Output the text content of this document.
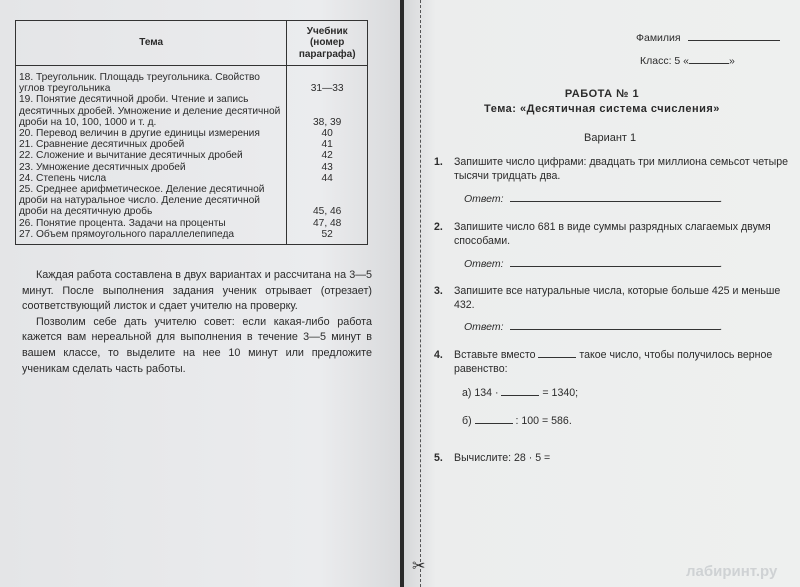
Тема	Учебник (номер параграфа)
18. Треугольник. Площадь треугольника. Свойство углов треугольника	31—33
19. Понятие десятичной дроби. Чтение и запись десятичных дробей. Умножение и деление десятичной дроби на 10, 100, 1000 и т. д.	38, 39
20. Перевод величин в другие единицы измерения	40
21. Сравнение десятичных дробей	41
22. Сложение и вычитание десятичных дробей	42
23. Умножение десятичных дробей	43
24. Степень числа	44
25. Среднее арифметическое. Деление десятичной дроби на натуральное число. Деление десятичной дроби на десятичную дробь	45, 46
26. Понятие процента. Задачи на проценты	47, 48
27. Объем прямоугольного параллелепипеда	52

Каждая работа составлена в двух вариантах и рассчитана на 3—5 минут. После выполнения задания ученик отрывает (отрезает) соответствующий листок и сдает учителю на проверку.

Позволим себе дать учителю совет: если какая-либо работа кажется вам нереальной для выполнения в течение 3—5 минут в вашем классе, то выделите на нее 10 минут или предложите ученикам сделать часть работы.

Фамилия
Класс: 5 «	»
РАБОТА № 1
Тема: «Десятичная система счисления»
Вариант 1
1. Запишите число цифрами: двадцать три миллиона семьсот четыре тысячи тридцать два.
Ответ:	.
2. Запишите число 681 в виде суммы разрядных слагаемых двумя способами.
Ответ:	.
3. Запишите все натуральные числа, которые больше 425 и меньше 432.
Ответ:	.
4. Вставьте вместо	такое число, чтобы получилось верное равенство:
а) 134 ·	= 1340;
б)	: 100 = 586.
5. Вычислите: 28 · 5 =
✂	лабиринт.ру
